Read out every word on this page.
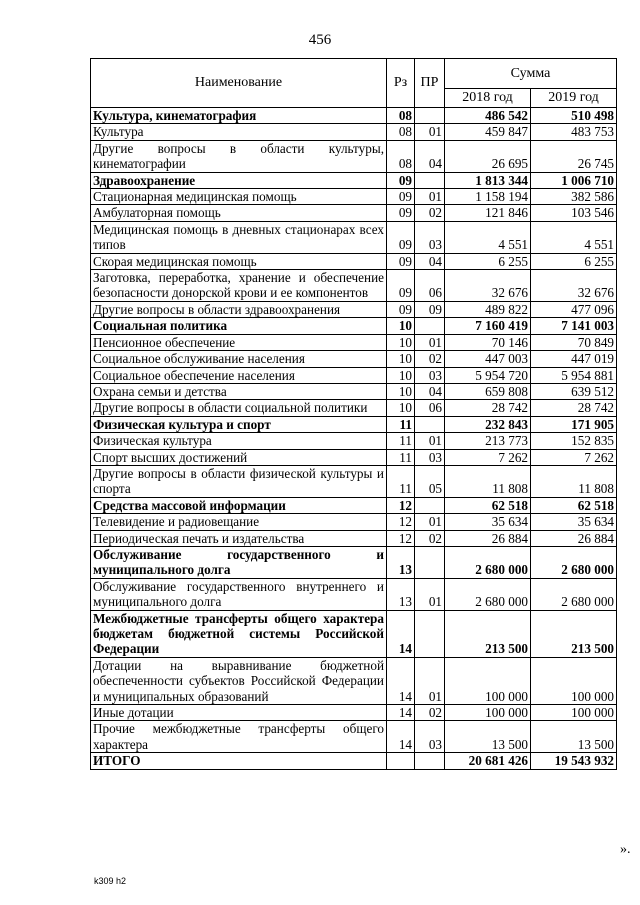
456
Наименование	Рз	ПР	Сумма	
			2018 год	2019 год
Культура, кинематография	08		486 542	510 498
Культура	08	01	459 847	483 753
Другие вопросы в области культуры, кинематографии	08	04	26 695	26 745
Здравоохранение	09		1 813 344	1 006 710
Стационарная медицинская помощь	09	01	1 158 194	382 586
Амбулаторная помощь	09	02	121 846	103 546
Медицинская помощь в дневных стационарах всех типов	09	03	4 551	4 551
Скорая медицинская помощь	09	04	6 255	6 255
Заготовка, переработка, хранение и обеспечение безопасности донорской крови и ее компонентов	09	06	32 676	32 676
Другие вопросы в области здравоохранения	09	09	489 822	477 096
Социальная политика	10		7 160 419	7 141 003
Пенсионное обеспечение	10	01	70 146	70 849
Социальное обслуживание населения	10	02	447 003	447 019
Социальное обеспечение населения	10	03	5 954 720	5 954 881
Охрана семьи и детства	10	04	659 808	639 512
Другие вопросы в области социальной политики	10	06	28 742	28 742
Физическая культура и спорт	11		232 843	171 905
Физическая культура	11	01	213 773	152 835
Спорт высших достижений	11	03	7 262	7 262
Другие вопросы в области физической культуры и спорта	11	05	11 808	11 808
Средства массовой информации	12		62 518	62 518
Телевидение и радиовещание	12	01	35 634	35 634
Периодическая печать и издательства	12	02	26 884	26 884
Обслуживание государственного и муниципального долга	13		2 680 000	2 680 000
Обслуживание государственного внутреннего и муниципального долга	13	01	2 680 000	2 680 000
Межбюджетные трансферты общего характера бюджетам бюджетной системы Российской Федерации	14		213 500	213 500
Дотации на выравнивание бюджетной обеспеченности субъектов Российской Федерации и муниципальных образований	14	01	100 000	100 000
Иные дотации	14	02	100 000	100 000
Прочие межбюджетные трансферты общего характера	14	03	13 500	13 500
ИТОГО			20 681 426	19 543 932
».
k309 h2
